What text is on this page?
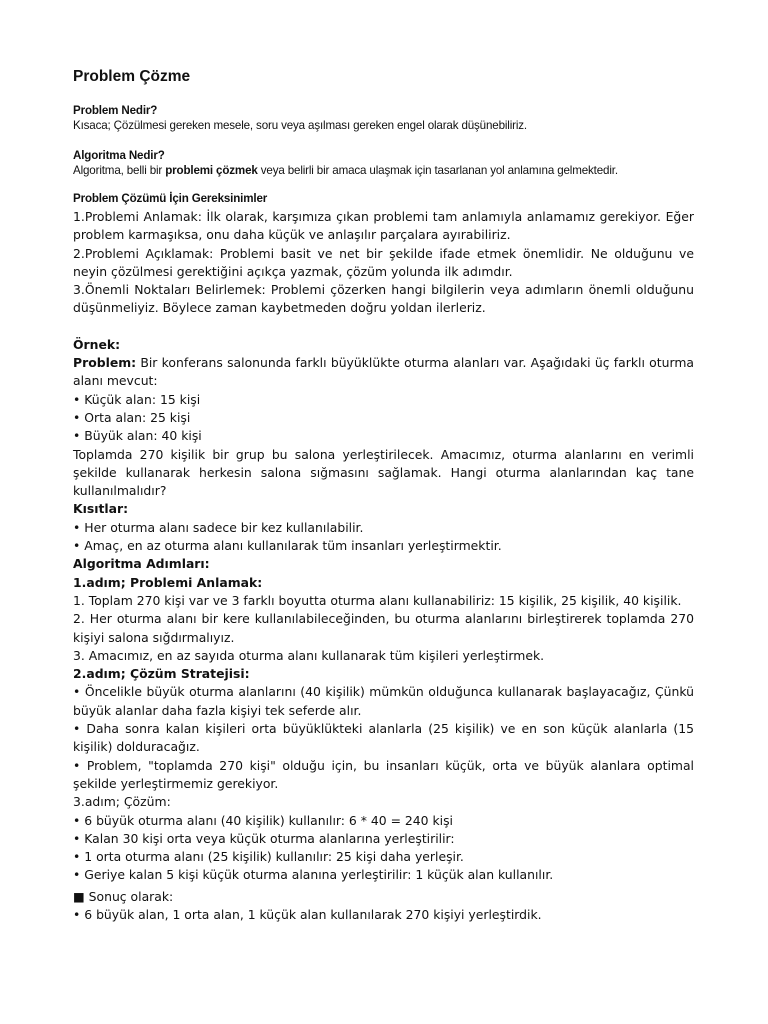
Problem Çözme
Problem Nedir?
Kısaca; Çözülmesi gereken mesele, soru veya aşılması gereken engel olarak düşünebiliriz.
Algoritma Nedir?
Algoritma, belli bir problemi çözmek veya belirli bir amaca ulaşmak için tasarlanan yol anlamına gelmektedir.
Problem Çözümü İçin Gereksinimler

1.Problemi Anlamak: İlk olarak, karşımıza çıkan problemi tam anlamıyla anlamamız gerekiyor. Eğer problem karmaşıksa, onu daha küçük ve anlaşılır parçalara ayırabiliriz.

2.Problemi Açıklamak: Problemi basit ve net bir şekilde ifade etmek önemlidir. Ne olduğunu ve neyin çözülmesi gerektiğini açıkça yazmak, çözüm yolunda ilk adımdır.

3.Önemli Noktaları Belirlemek: Problemi çözerken hangi bilgilerin veya adımların önemli olduğunu düşünmeliyiz. Böylece zaman kaybetmeden doğru yoldan ilerleriz.

Örnek:

Problem: Bir konferans salonunda farklı büyüklükte oturma alanları var. Aşağıdaki üç farklı oturma alanı mevcut:

• Küçük alan: 15 kişi

• Orta alan: 25 kişi

• Büyük alan: 40 kişi

Toplamda 270 kişilik bir grup bu salona yerleştirilecek. Amacımız, oturma alanlarını en verimli şekilde kullanarak herkesin salona sığmasını sağlamak. Hangi oturma alanlarından kaç tane kullanılmalıdır?

Kısıtlar:

• Her oturma alanı sadece bir kez kullanılabilir.

• Amaç, en az oturma alanı kullanılarak tüm insanları yerleştirmektir.

Algoritma Adımları:

1.adım; Problemi Anlamak:

1. Toplam 270 kişi var ve 3 farklı boyutta oturma alanı kullanabiliriz: 15 kişilik, 25 kişilik, 40 kişilik.

2. Her oturma alanı bir kere kullanılabileceğinden, bu oturma alanlarını birleştirerek toplamda 270 kişiyi salona sığdırmalıyız.

3. Amacımız, en az sayıda oturma alanı kullanarak tüm kişileri yerleştirmek.

2.adım; Çözüm Stratejisi:

• Öncelikle büyük oturma alanlarını (40 kişilik) mümkün olduğunca kullanarak başlayacağız, Çünkü büyük alanlar daha fazla kişiyi tek seferde alır.

• Daha sonra kalan kişileri orta büyüklükteki alanlarla (25 kişilik) ve en son küçük alanlarla (15 kişilik) dolduracağız.

• Problem, "toplamda 270 kişi" olduğu için, bu insanları küçük, orta ve büyük alanlara optimal şekilde yerleştirmemiz gerekiyor.

3.adım; Çözüm:

• 6 büyük oturma alanı (40 kişilik) kullanılır: 6 * 40 = 240 kişi

• Kalan 30 kişi orta veya küçük oturma alanlarına yerleştirilir:

• 1 orta oturma alanı (25 kişilik) kullanılır: 25 kişi daha yerleşir.

• Geriye kalan 5 kişi küçük oturma alanına yerleştirilir: 1 küçük alan kullanılır.

■ Sonuç olarak:

• 6 büyük alan, 1 orta alan, 1 küçük alan kullanılarak 270 kişiyi yerleştirdik.
